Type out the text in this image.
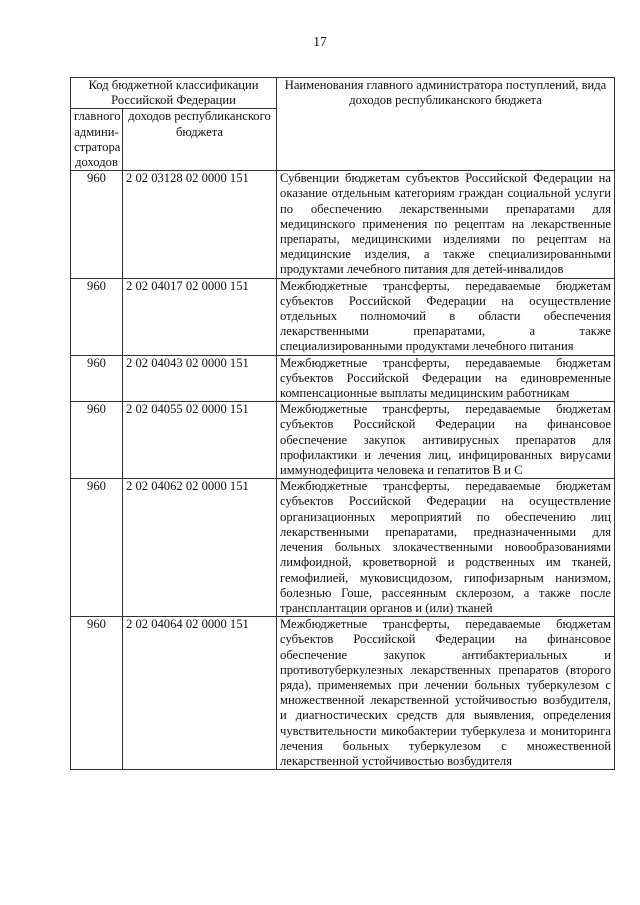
17
Код бюджетной классификации Российской Федерации		Наименования главного администратора поступлений, вида доходов республиканского бюджета
главного админи-стратора доходов	доходов республиканского бюджета	
960	2 02 03128 02 0000 151	Субвенции бюджетам субъектов Российской Федерации на оказание отдельным категориям граждан социальной услуги по обеспечению лекарственными препаратами для медицинского применения по рецептам на лекарственные препараты, медицинскими изделиями по рецептам на медицинские изделия, а также специализированными продуктами лечебного питания для детей-инвалидов
960	2 02 04017 02 0000 151	Межбюджетные трансферты, передаваемые бюджетам субъектов Российской Федерации на осуществление отдельных полномочий в области обеспечения лекарственными препаратами, а также специализированными продуктами лечебного питания
960	2 02 04043 02 0000 151	Межбюджетные трансферты, передаваемые бюджетам субъектов Российской Федерации на единовременные компенсационные выплаты медицинским работникам
960	2 02 04055 02 0000 151	Межбюджетные трансферты, передаваемые бюджетам субъектов Российской Федерации на финансовое обеспечение закупок антивирусных препаратов для профилактики и лечения лиц, инфицированных вирусами иммунодефицита человека и гепатитов В и С
960	2 02 04062 02 0000 151	Межбюджетные трансферты, передаваемые бюджетам субъектов Российской Федерации на осуществление организационных мероприятий по обеспечению лиц лекарственными препаратами, предназначенными для лечения больных злокачественными новообразованиями лимфоидной, кроветворной и родственных им тканей, гемофилией, муковисцидозом, гипофизарным нанизмом, болезнью Гоше, рассеянным склерозом, а также после трансплантации органов и (или) тканей
960	2 02 04064 02 0000 151	Межбюджетные трансферты, передаваемые бюджетам субъектов Российской Федерации на финансовое обеспечение закупок антибактериальных и противотуберкулезных лекарственных препаратов (второго ряда), применяемых при лечении больных туберкулезом с множественной лекарственной устойчивостью возбудителя, и диагностических средств для выявления, определения чувствительности микобактерии туберкулеза и мониторинга лечения больных туберкулезом с множественной лекарственной устойчивостью возбудителя
